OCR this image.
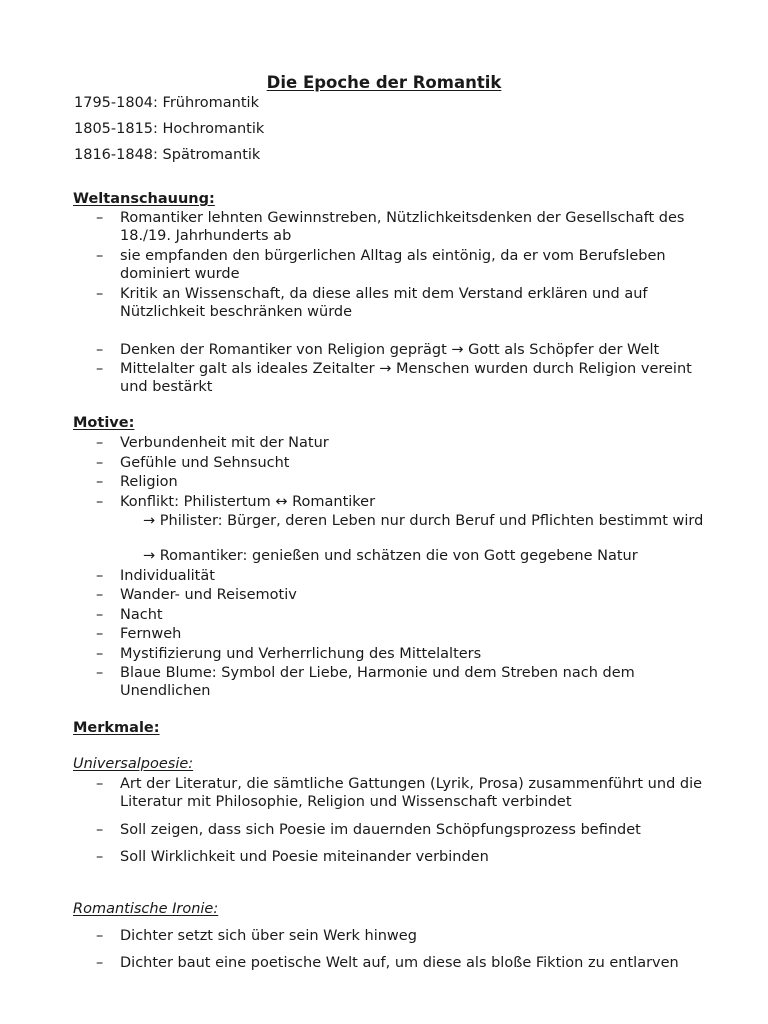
Die Epoche der Romantik
1795-1804: Frühromantik
1805-1815: Hochromantik
1816-1848: Spätromantik
Weltanschauung:
– Romantiker lehnten Gewinnstreben, Nützlichkeitsdenken der Gesellschaft des 18./19. Jahrhunderts ab
– sie empfanden den bürgerlichen Alltag als eintönig, da er vom Berufsleben dominiert wurde
– Kritik an Wissenschaft, da diese alles mit dem Verstand erklären und auf Nützlichkeit beschränken würde
– Denken der Romantiker von Religion geprägt → Gott als Schöpfer der Welt
– Mittelalter galt als ideales Zeitalter → Menschen wurden durch Religion vereint und bestärkt
Motive:
– Verbundenheit mit der Natur
– Gefühle und Sehnsucht
– Religion
– Konflikt: Philistertum ↔ Romantiker
→ Philister: Bürger, deren Leben nur durch Beruf und Pflichten bestimmt wird
→ Romantiker: genießen und schätzen die von Gott gegebene Natur
– Individualität
– Wander- und Reisemotiv
– Nacht
– Fernweh
– Mystifizierung und Verherrlichung des Mittelalters
– Blaue Blume: Symbol der Liebe, Harmonie und dem Streben nach dem Unendlichen
Merkmale:
Universalpoesie:
– Art der Literatur, die sämtliche Gattungen (Lyrik, Prosa) zusammenführt und die Literatur mit Philosophie, Religion und Wissenschaft verbindet
– Soll zeigen, dass sich Poesie im dauernden Schöpfungsprozess befindet
– Soll Wirklichkeit und Poesie miteinander verbinden
Romantische Ironie:
– Dichter setzt sich über sein Werk hinweg
– Dichter baut eine poetische Welt auf, um diese als bloße Fiktion zu entlarven
